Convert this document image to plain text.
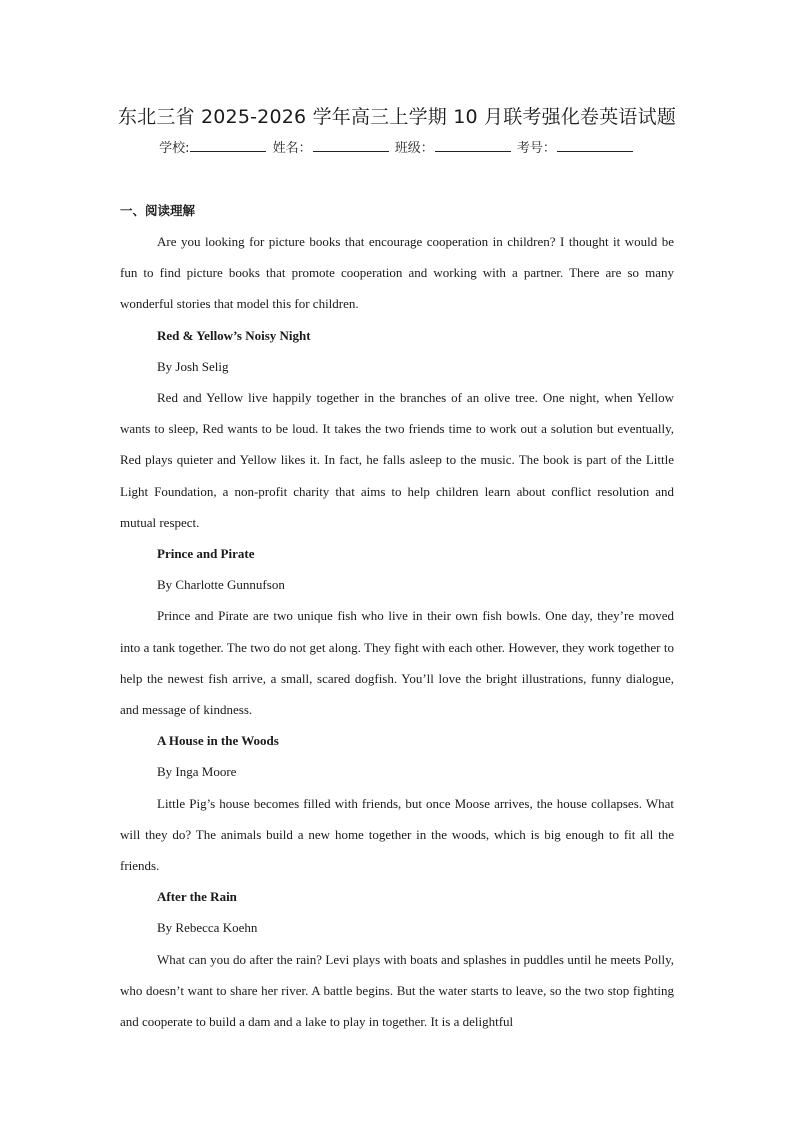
东北三省 2025-2026 学年高三上学期 10 月联考强化卷英语试题
学校:	姓名：	班级：	考号：
一、阅读理解

Are you looking for picture books that encourage cooperation in children? I thought it would be fun to find picture books that promote cooperation and working with a partner. There are so many wonderful stories that model this for children.

Red & Yellow’s Noisy Night

By Josh Selig

Red and Yellow live happily together in the branches of an olive tree. One night, when Yellow wants to sleep, Red wants to be loud. It takes the two friends time to work out a solution but eventually, Red plays quieter and Yellow likes it. In fact, he falls asleep to the music. The book is part of the Little Light Foundation, a non-profit charity that aims to help children learn about conflict resolution and mutual respect.

Prince and Pirate

By Charlotte Gunnufson

Prince and Pirate are two unique fish who live in their own fish bowls. One day, they’re moved into a tank together. The two do not get along. They fight with each other. However, they work together to help the newest fish arrive, a small, scared dogfish. You’ll love the bright illustrations, funny dialogue, and message of kindness.

A House in the Woods

By Inga Moore

Little Pig’s house becomes filled with friends, but once Moose arrives, the house collapses. What will they do? The animals build a new home together in the woods, which is big enough to fit all the friends.

After the Rain

By Rebecca Koehn

What can you do after the rain? Levi plays with boats and splashes in puddles until he meets Polly, who doesn’t want to share her river. A battle begins. But the water starts to leave, so the two stop fighting and cooperate to build a dam and a lake to play in together. It is a delightful
